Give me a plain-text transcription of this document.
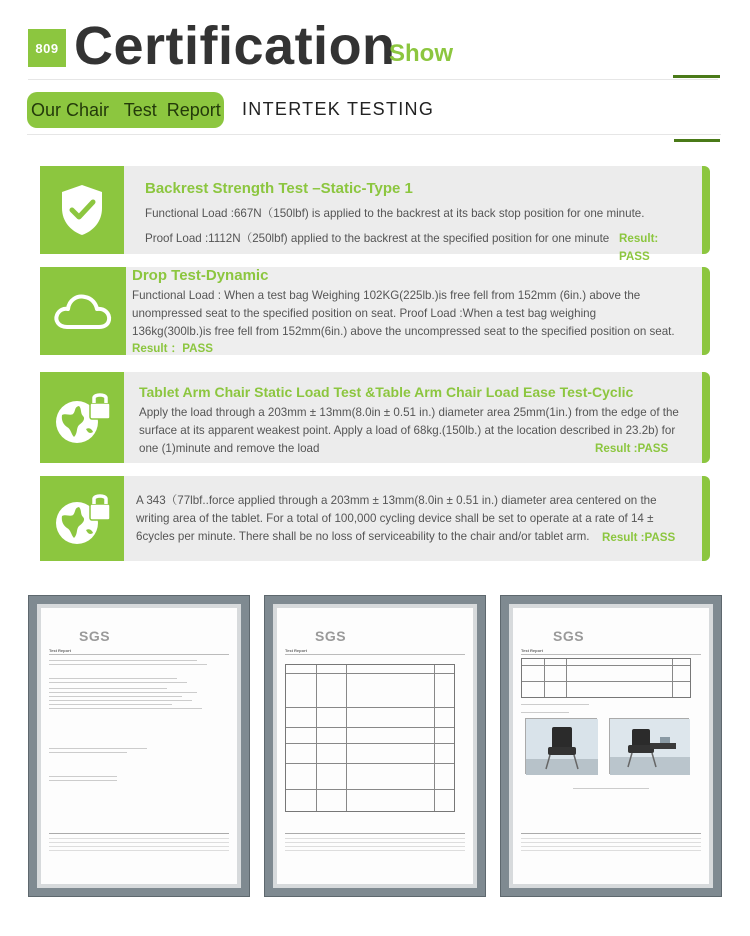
809 Certification
Show
Our Chair   Test  Report INTERTEK TESTING
Backrest Strength Test –Static-Type 1
Functional Load :667N（150lbf) is applied to the backrest at its back stop position for one minute.
Proof Load :1112N（250lbf) applied to the backrest at the specified position for one minute Result: PASS
Drop Test-Dynamic
Functional Load : When a test bag Weighing 102KG(225lb.)is free fell from 152mm (6in.) above the unompressed seat to the specified position on seat. Proof Load :When a test bag weighing 136kg(300lb.)is free fell from 152mm(6in.) above the uncompressed seat to the specified position on seat.
Result ：PASS
Tablet Arm Chair Static Load Test &Table Arm Chair Load Ease Test-Cyclic
Apply the load through a 203mm ± 13mm(8.0in ± 0.51 in.) diameter area 25mm(1in.) from the edge of the surface at its apparent weakest point. Apply a load of 68kg.(150lb.) at the location described in 23.2b) for one (1)minute and remove the load	Result :PASS
A 343（77lbf..force applied through a 203mm ± 13mm(8.0in ± 0.51 in.) diameter area centered on the writing area of the tablet. For a total of 100,000 cycling device shall be set to operate at a rate of 14 ± 6cycles per minute. There shall be no loss of serviceability to the chair and/or tablet arm.	Result :PASS
SGS
Test Report
SGS
Test Report
SGS
Test Report
